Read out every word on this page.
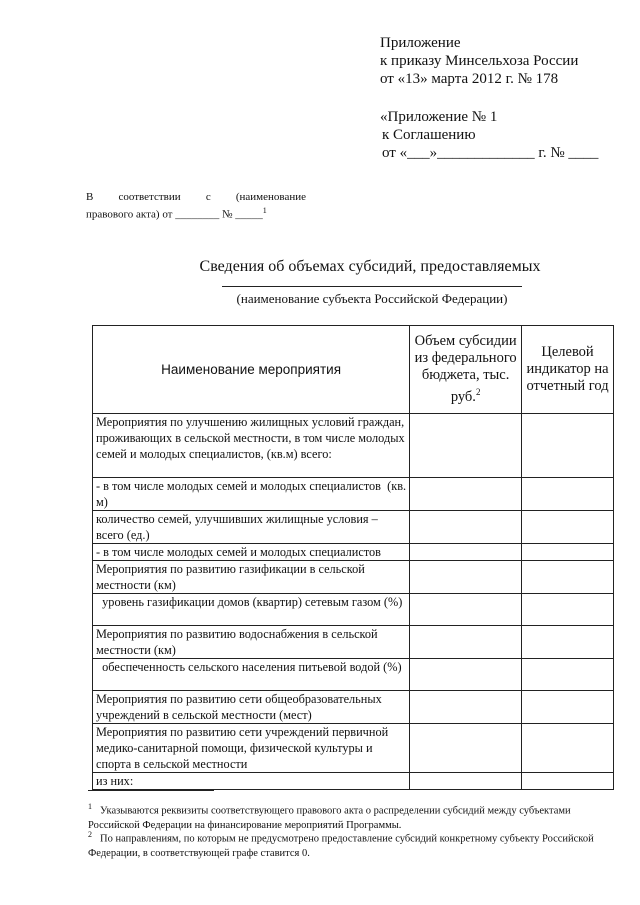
Приложение
к приказу Минсельхоза России
от «13» марта 2012 г. № 178
«Приложение № 1
к Соглашению
от «___»_____________ г. № ____
В соответствии с (наименование
правового акта) от ________ № _____$^1$
Сведения об объемах субсидий, предоставляемых
(наименование субъекта Российской Федерации)
Наименование мероприятия	Объем субсидии из федерального бюджета, тыс. руб.$^2$	Целевой индикатор на отчетный год
Мероприятия по улучшению жилищных условий граждан, проживающих в сельской местности, в том числе молодых семей и молодых специалистов, (кв.м) всего:		
- в том числе молодых семей и молодых специалистов  (кв. м)		
количество семей, улучшивших жилищные условия – всего (ед.)		
- в том числе молодых семей и молодых специалистов		
Мероприятия по развитию газификации в сельской местности (км)		
уровень газификации домов (квартир) сетевым газом (%)		
Мероприятия по развитию водоснабжения в сельской местности (км)		
обеспеченность сельского населения питьевой водой (%)		
Мероприятия по развитию сети общеобразовательных учреждений в сельской местности (мест)		
Мероприятия по развитию сети учреждений первичной медико-санитарной помощи, физической культуры и спорта в сельской местности		
из них:		
$^1$ Указываются реквизиты соответствующего правового акта о распределении субсидий между субъектами Российской Федерации на финансирование мероприятий Программы.
$^2$ По направлениям, по которым не предусмотрено предоставление субсидий конкретному субъекту Российской Федерации, в соответствующей графе ставится 0.
